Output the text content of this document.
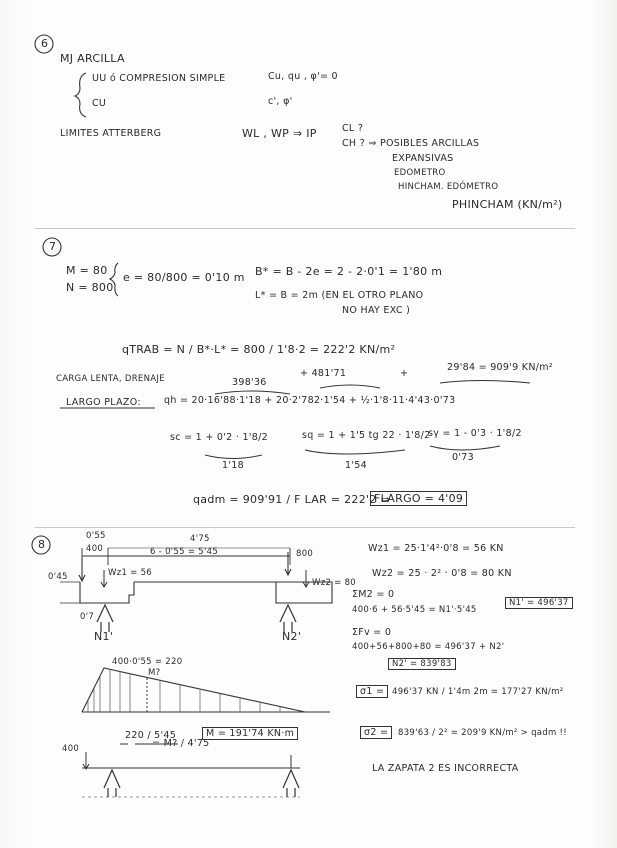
6
MJ ARCILLA
UU ó COMPRESION SIMPLE	Cu, qu , φ'= 0
CU	c', φ'
LIMITES ATTERBERG	WL , WP ⇒ IP	CL ?
CH ? ⇒ POSIBLES ARCILLAS
EXPANSIVAS
EDOMETRO
HINCHAM. EDÓMETRO
PHINCHAM (KN/m²)
7
M = 80
N = 800
e = 80/800 = 0'10 m B* = B - 2e = 2 - 2·0'1 = 1'80 m
L* = B = 2m (EN EL OTRO PLANO
NO HAY EXC )
qTRAB = N / B*·L* = 800 / 1'8·2 = 222'2 KN/m²
CARGA LENTA, DRENAJE
LARGO PLAZO:
398'36
+ 481'71	+
29'84 = 909'9 KN/m²
qh = 20·16'88·1'18 + 20·2'782·1'54 + ½·1'8·11·4'43·0'73
sc = 1 + 0'2 · 1'8/2
1'18
sq = 1 + 1'5 tg 22 · 1'8/2
1'54
sγ = 1 - 0'3 · 1'8/2
0'73
qadm = 909'91 / F LAR = 222'2 ⇒
FLARGO = 4'09
8
0'55
400
4'75
6 - 0'55 = 5'45	800
0'45	Wz1 = 56
Wz2 = 80
0'7
N1'	N2'
400·0'55 = 220
M?
220 / 5'45
= M? / 4'75
M = 191'74 KN·m
400
Wz1 = 25·1'4²·0'8 = 56 KN
Wz2 = 25 · 2² · 0'8 = 80 KN
ΣM2 = 0
400·6 + 56·5'45 = N1'·5'45
N1' = 496'37
ΣFv = 0
400+56+800+80 = 496'37 + N2'
N2' = 839'83
σ1 = 496'37 KN / 1'4m 2m = 177'27 KN/m²
σ2 =	839'63 / 2² = 209'9 KN/m² > qadm !!
LA ZAPATA 2 ES INCORRECTA
